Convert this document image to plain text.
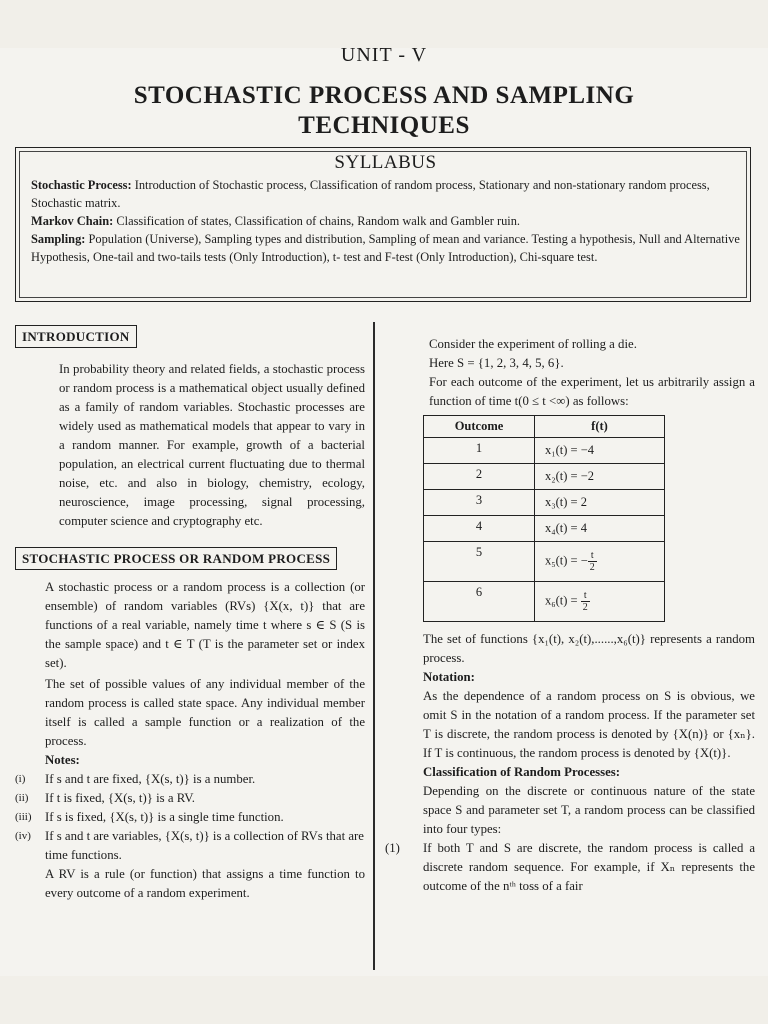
UNIT - V
STOCHASTIC PROCESS AND SAMPLING
TECHNIQUES
SYLLABUS
Stochastic Process: Introduction of Stochastic process, Classification of random process, Stationary and non-stationary random process, Stochastic matrix.
Markov Chain: Classification of states, Classification of chains, Random walk and Gambler ruin.
Sampling: Population (Universe), Sampling types and distribution, Sampling of mean and variance. Testing a hypothesis, Null and Alternative Hypothesis, One-tail and two-tails tests (Only Introduction), t- test and F-test (Only Introduction), Chi-square test.
INTRODUCTION
In probability theory and related fields, a stochastic process or random process is a mathematical object usually defined as a family of random variables. Stochastic processes are widely used as mathematical models that appear to vary in a random manner. For example, growth of a bacterial population, an electrical current fluctuating due to thermal noise, etc. and also in biology, chemistry, ecology, neuroscience, image processing, signal processing, computer science and cryptography etc.
STOCHASTIC PROCESS OR RANDOM PROCESS
A stochastic process or a random process is a collection (or ensemble) of random variables (RVs) {X(x, t)} that are functions of a real variable, namely time t where s ∈ S (S is the sample space) and t ∈ T (T is the parameter set or index set).
The set of possible values of any individual member of the random process is called state space. Any individual member itself is called a sample function or a realization of the process.
Notes:
(i) If s and t are fixed, {X(s, t)} is a number.
(ii) If t is fixed, {X(s, t)} is a RV.
(iii) If s is fixed, {X(s, t)} is a single time function.
(iv) If s and t are variables, {X(s, t)} is a collection of RVs that are time functions.
A RV is a rule (or function) that assigns a time function to every outcome of a random experiment.
Consider the experiment of rolling a die.
Here S = {1, 2, 3, 4, 5, 6}.
For each outcome of the experiment, let us arbitrarily assign a function of time t(0 ≤ t <∞) as follows:
Outcome	f(t)
1	x₁(t) = −4
2	x₂(t) = −2
3	x₃(t) = 2
4	x₄(t) = 4
5	x₅(t) = − $\frac{t}{2}$

6	$x_6(t) = \frac{t}{2}$
The set of functions {x₁(t), x₂(t),......,x₆(t)} represents a random process.
Notation:
As the dependence of a random process on S is obvious, we omit S in the notation of a random process. If the parameter set T is discrete, the random process is denoted by {X(n)} or {xₙ}. If T is continuous, the random process is denoted by {X(t)}.
Classification of Random Processes:
Depending on the discrete or continuous nature of the state space S and parameter set T, a random process can be classified into four types:
(1) If both T and S are discrete, the random process is called a discrete random sequence. For example, if Xₙ represents the outcome of the nᵗʰ toss of a fair
